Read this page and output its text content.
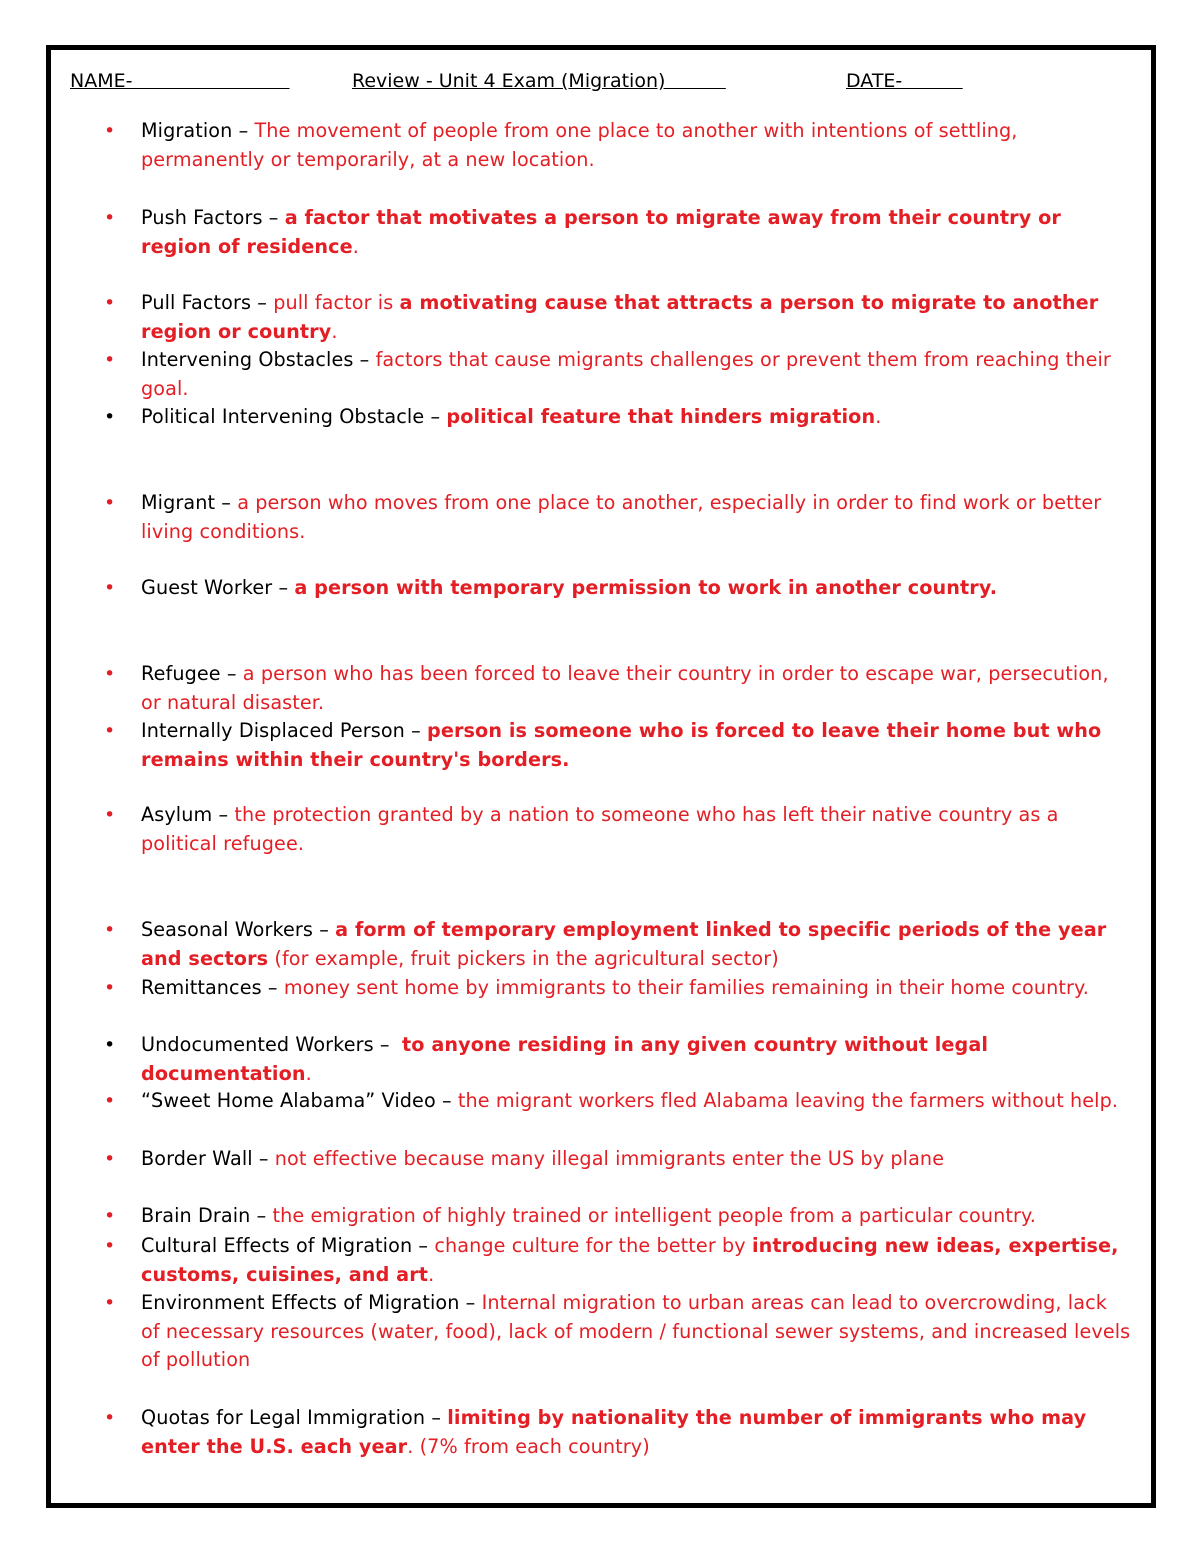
NAME-	Review - Unit 4 Exam (Migration)	DATE-
• Migration – The movement of people from one place to another with intentions of settling, permanently or temporarily, at a new location.
• Push Factors – a factor that motivates a person to migrate away from their country or region of residence.
• Pull Factors – pull factor is a motivating cause that attracts a person to migrate to another region or country.
• Intervening Obstacles – factors that cause migrants challenges or prevent them from reaching their goal.
• Political Intervening Obstacle – political feature that hinders migration.
• Migrant – a person who moves from one place to another, especially in order to find work or better living conditions.
• Guest Worker – a person with temporary permission to work in another country.
• Refugee – a person who has been forced to leave their country in order to escape war, persecution, or natural disaster.
• Internally Displaced Person – person is someone who is forced to leave their home but who remains within their country's borders.
• Asylum – the protection granted by a nation to someone who has left their native country as a political refugee.
• Seasonal Workers – a form of temporary employment linked to specific periods of the year and sectors (for example, fruit pickers in the agricultural sector)
• Remittances – money sent home by immigrants to their families remaining in their home country.
• Undocumented Workers –  to anyone residing in any given country without legal documentation.
• “Sweet Home Alabama” Video – the migrant workers fled Alabama leaving the farmers without help.
• Border Wall – not effective because many illegal immigrants enter the US by plane
• Brain Drain – the emigration of highly trained or intelligent people from a particular country.
• Cultural Effects of Migration – change culture for the better by introducing new ideas, expertise, customs, cuisines, and art.
• Environment Effects of Migration – Internal migration to urban areas can lead to overcrowding, lack of necessary resources (water, food), lack of modern / functional sewer systems, and increased levels of pollution
• Quotas for Legal Immigration – limiting by nationality the number of immigrants who may enter the U.S. each year. (7% from each country)
